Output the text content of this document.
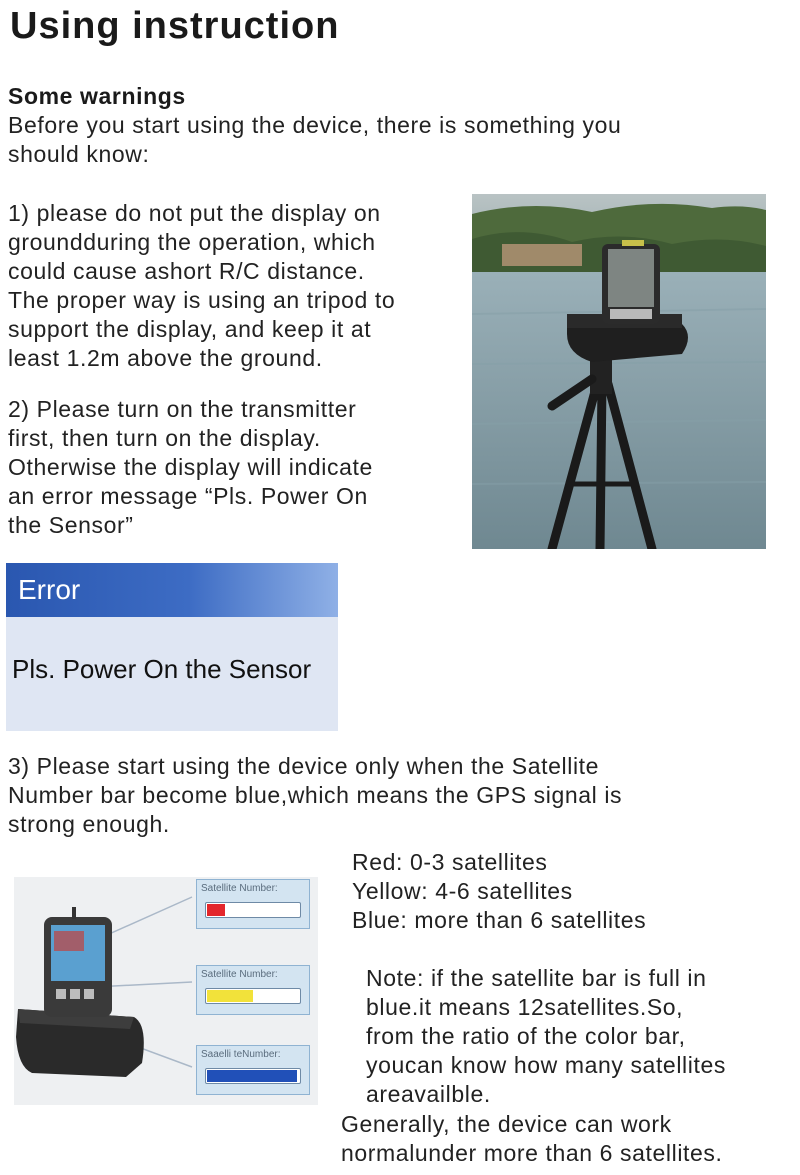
Using instruction
Some warnings
Before you start using the device, there is something you
should know:
1) please do not put the display on
groundduring the operation, which
could cause ashort R/C distance.
The proper way is using an tripod to
support the display, and keep it at
least 1.2m above the ground.
2) Please turn on the transmitter
first, then turn on the display.
Otherwise the display will indicate
an error message “Pls. Power On
the Sensor”
Error
Pls. Power On the Sensor
3) Please start using the device only when the Satellite
Number bar become blue,which means the GPS signal is
strong enough.
Satellite Number:
Satellite Number:
Saaelli teNumber:
Red: 0-3 satellites
Yellow: 4-6 satellites
Blue: more than 6 satellites
Note: if the satellite bar is full in
blue.it means 12satellites.So,
from the ratio of the color bar,
youcan know how many satellites
areavailble.
Generally, the device can work
normalunder more than 6 satellites.
